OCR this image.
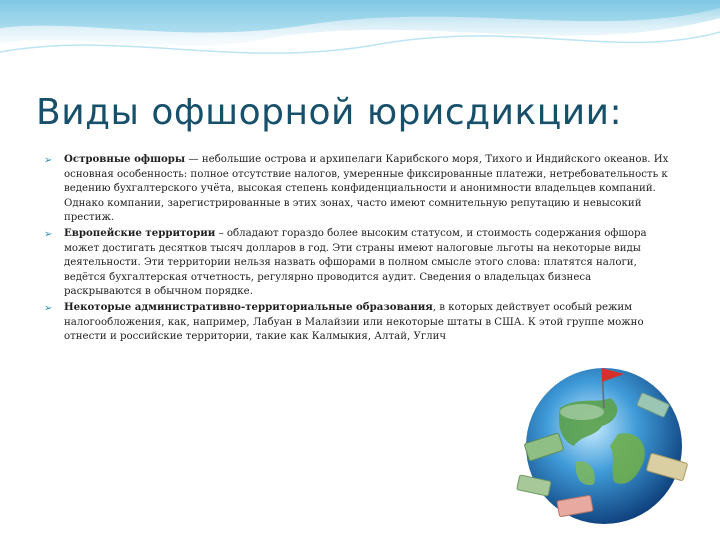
Виды офшорной юрисдикции:
➢ Островные офшоры — небольшие острова и архипелаги Карибского моря, Тихого и Индийского океанов. Их основная особенность: полное отсутствие налогов, умеренные фиксированные платежи, нетребовательность к ведению бухгалтерского учёта, высокая степень конфиденциальности и анонимности владельцев компаний. Однако компании, зарегистрированные в этих зонах, часто имеют сомнительную репутацию и невысокий престиж.
➢ Европейские территории – обладают гораздо более высоким статусом, и стоимость содержания офшора может достигать десятков тысяч долларов в год. Эти страны имеют налоговые льготы на некоторые виды деятельности. Эти территории нельзя назвать офшорами в полном смысле этого слова: платятся налоги, ведётся бухгалтерская отчетность, регулярно проводится аудит. Сведения о владельцах бизнеса раскрываются в обычном порядке.
➢ Некоторые административно-территориальные образования, в которых действует особый режим налогообложения, как, например, Лабуан в Малайзии или некоторые штаты в США. К этой группе можно отнести и российские территории, такие как Калмыкия, Алтай, Углич
